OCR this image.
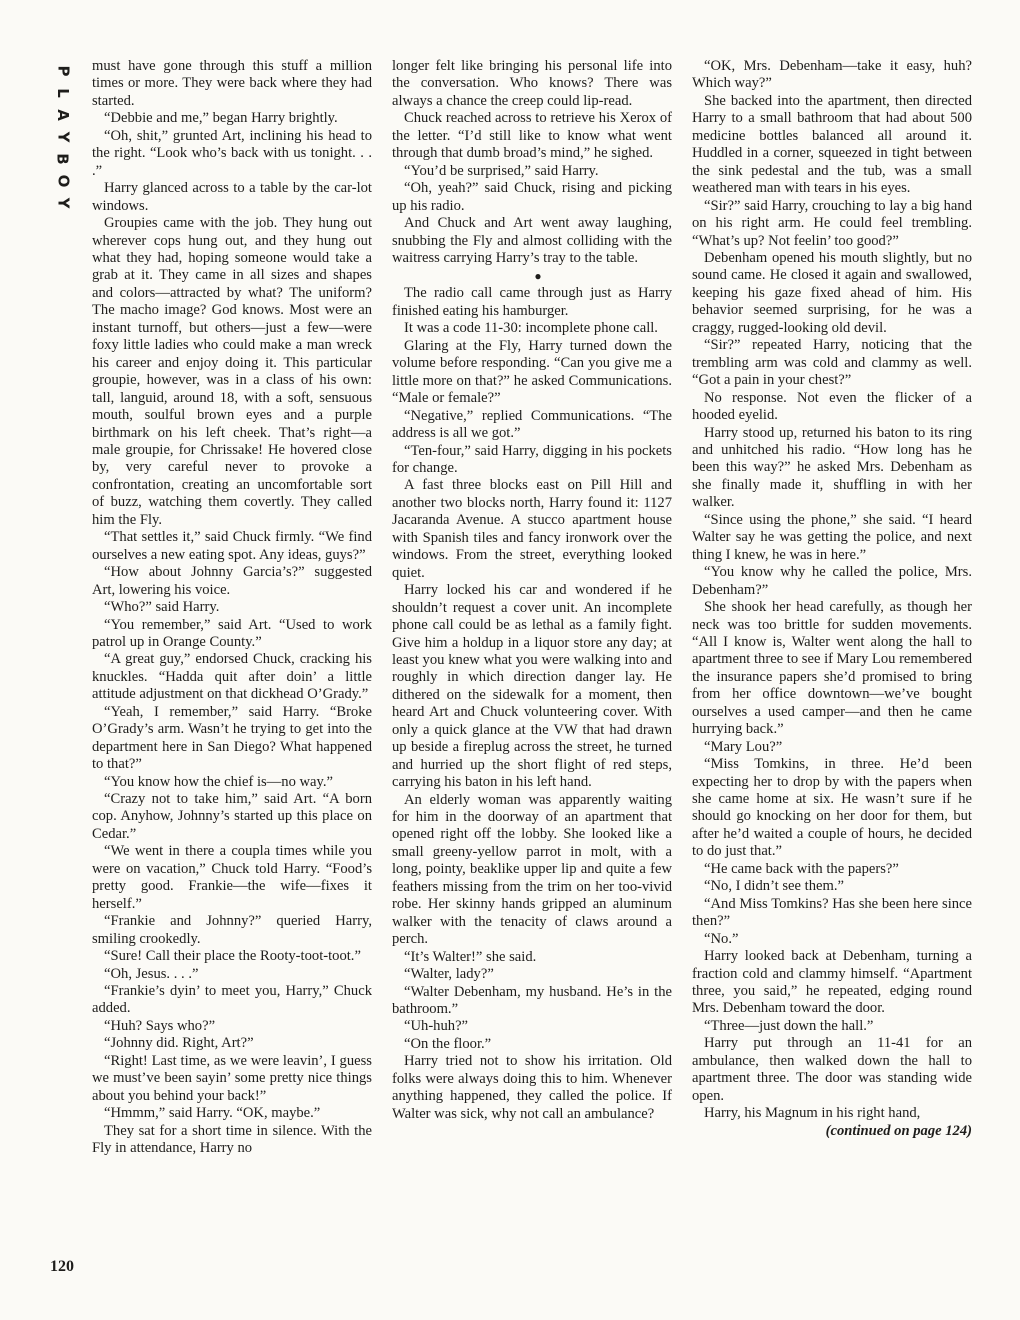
P
L
A
Y
B
O
Y

must have gone through this stuff a million times or more. They were back where they had started.

“Debbie and me,” began Harry brightly.

“Oh, shit,” grunted Art, inclining his head to the right. “Look who’s back with us tonight. . . .”

Harry glanced across to a table by the car-lot windows.

Groupies came with the job. They hung out wherever cops hung out, and they hung out what they had, hoping someone would take a grab at it. They came in all sizes and shapes and colors—attracted by what? The uniform? The macho image? God knows. Most were an instant turnoff, but others—just a few—were foxy little ladies who could make a man wreck his career and enjoy doing it. This particular groupie, however, was in a class of his own: tall, languid, around 18, with a soft, sensuous mouth, soulful brown eyes and a purple birthmark on his left cheek. That’s right—a male groupie, for Chrissake! He hovered close by, very careful never to provoke a confrontation, creating an uncomfortable sort of buzz, watching them covertly. They called him the Fly.

“That settles it,” said Chuck firmly. “We find ourselves a new eating spot. Any ideas, guys?”

“How about Johnny Garcia’s?” suggested Art, lowering his voice.

“Who?” said Harry.

“You remember,” said Art. “Used to work patrol up in Orange County.”

“A great guy,” endorsed Chuck, cracking his knuckles. “Hadda quit after doin’ a little attitude adjustment on that dickhead O’Grady.”

“Yeah, I remember,” said Harry. “Broke O’Grady’s arm. Wasn’t he trying to get into the department here in San Diego? What happened to that?”

“You know how the chief is—no way.”

“Crazy not to take him,” said Art. “A born cop. Anyhow, Johnny’s started up this place on Cedar.”

“We went in there a coupla times while you were on vacation,” Chuck told Harry. “Food’s pretty good. Frankie—the wife—fixes it herself.”

“Frankie and Johnny?” queried Harry, smiling crookedly.

“Sure! Call their place the Rooty-toot-toot.”

“Oh, Jesus. . . .”

“Frankie’s dyin’ to meet you, Harry,” Chuck added.

“Huh? Says who?”

“Johnny did. Right, Art?”

“Right! Last time, as we were leavin’, I guess we must’ve been sayin’ some pretty nice things about you behind your back!”

“Hmmm,” said Harry. “OK, maybe.”

They sat for a short time in silence. With the Fly in attendance, Harry no

longer felt like bringing his personal life into the conversation. Who knows? There was always a chance the creep could lip-read.

Chuck reached across to retrieve his Xerox of the letter. “I’d still like to know what went through that dumb broad’s mind,” he sighed.

“You’d be surprised,” said Harry.

“Oh, yeah?” said Chuck, rising and picking up his radio.

And Chuck and Art went away laughing, snubbing the Fly and almost colliding with the waitress carrying Harry’s tray to the table.

●

The radio call came through just as Harry finished eating his hamburger.

It was a code 11-30: incomplete phone call.

Glaring at the Fly, Harry turned down the volume before responding. “Can you give me a little more on that?” he asked Communications. “Male or female?”

“Negative,” replied Communications. “The address is all we got.”

“Ten-four,” said Harry, digging in his pockets for change.

A fast three blocks east on Pill Hill and another two blocks north, Harry found it: 1127 Jacaranda Avenue. A stucco apartment house with Spanish tiles and fancy ironwork over the windows. From the street, everything looked quiet.

Harry locked his car and wondered if he shouldn’t request a cover unit. An incomplete phone call could be as lethal as a family fight. Give him a holdup in a liquor store any day; at least you knew what you were walking into and roughly in which direction danger lay. He dithered on the sidewalk for a moment, then heard Art and Chuck volunteering cover. With only a quick glance at the VW that had drawn up beside a fireplug across the street, he turned and hurried up the short flight of red steps, carrying his baton in his left hand.

An elderly woman was apparently waiting for him in the doorway of an apartment that opened right off the lobby. She looked like a small greeny-yellow parrot in molt, with a long, pointy, beaklike upper lip and quite a few feathers missing from the trim on her too-vivid robe. Her skinny hands gripped an aluminum walker with the tenacity of claws around a perch.

“It’s Walter!” she said.

“Walter, lady?”

“Walter Debenham, my husband. He’s in the bathroom.”

“Uh-huh?”

“On the floor.”

Harry tried not to show his irritation. Old folks were always doing this to him. Whenever anything happened, they called the police. If Walter was sick, why not call an ambulance?

“OK, Mrs. Debenham—take it easy, huh? Which way?”

She backed into the apartment, then directed Harry to a small bathroom that had about 500 medicine bottles balanced all around it. Huddled in a corner, squeezed in tight between the sink pedestal and the tub, was a small weathered man with tears in his eyes.

“Sir?” said Harry, crouching to lay a big hand on his right arm. He could feel trembling. “What’s up? Not feelin’ too good?”

Debenham opened his mouth slightly, but no sound came. He closed it again and swallowed, keeping his gaze fixed ahead of him. His behavior seemed surprising, for he was a craggy, rugged-looking old devil.

“Sir?” repeated Harry, noticing that the trembling arm was cold and clammy as well. “Got a pain in your chest?”

No response. Not even the flicker of a hooded eyelid.

Harry stood up, returned his baton to its ring and unhitched his radio. “How long has he been this way?” he asked Mrs. Debenham as she finally made it, shuffling in with her walker.

“Since using the phone,” she said. “I heard Walter say he was getting the police, and next thing I knew, he was in here.”

“You know why he called the police, Mrs. Debenham?”

She shook her head carefully, as though her neck was too brittle for sudden movements. “All I know is, Walter went along the hall to apartment three to see if Mary Lou remembered the insurance papers she’d promised to bring from her office downtown—we’ve bought ourselves a used camper—and then he came hurrying back.”

“Mary Lou?”

“Miss Tomkins, in three. He’d been expecting her to drop by with the papers when she came home at six. He wasn’t sure if he should go knocking on her door for them, but after he’d waited a couple of hours, he decided to do just that.”

“He came back with the papers?”

“No, I didn’t see them.”

“And Miss Tomkins? Has she been here since then?”

“No.”

Harry looked back at Debenham, turning a fraction cold and clammy himself. “Apartment three, you said,” he repeated, edging round Mrs. Debenham toward the door.

“Three—just down the hall.”

Harry put through an 11-41 for an ambulance, then walked down the hall to apartment three. The door was standing wide open.

Harry, his Magnum in his right hand,

(continued on page 124)

120
